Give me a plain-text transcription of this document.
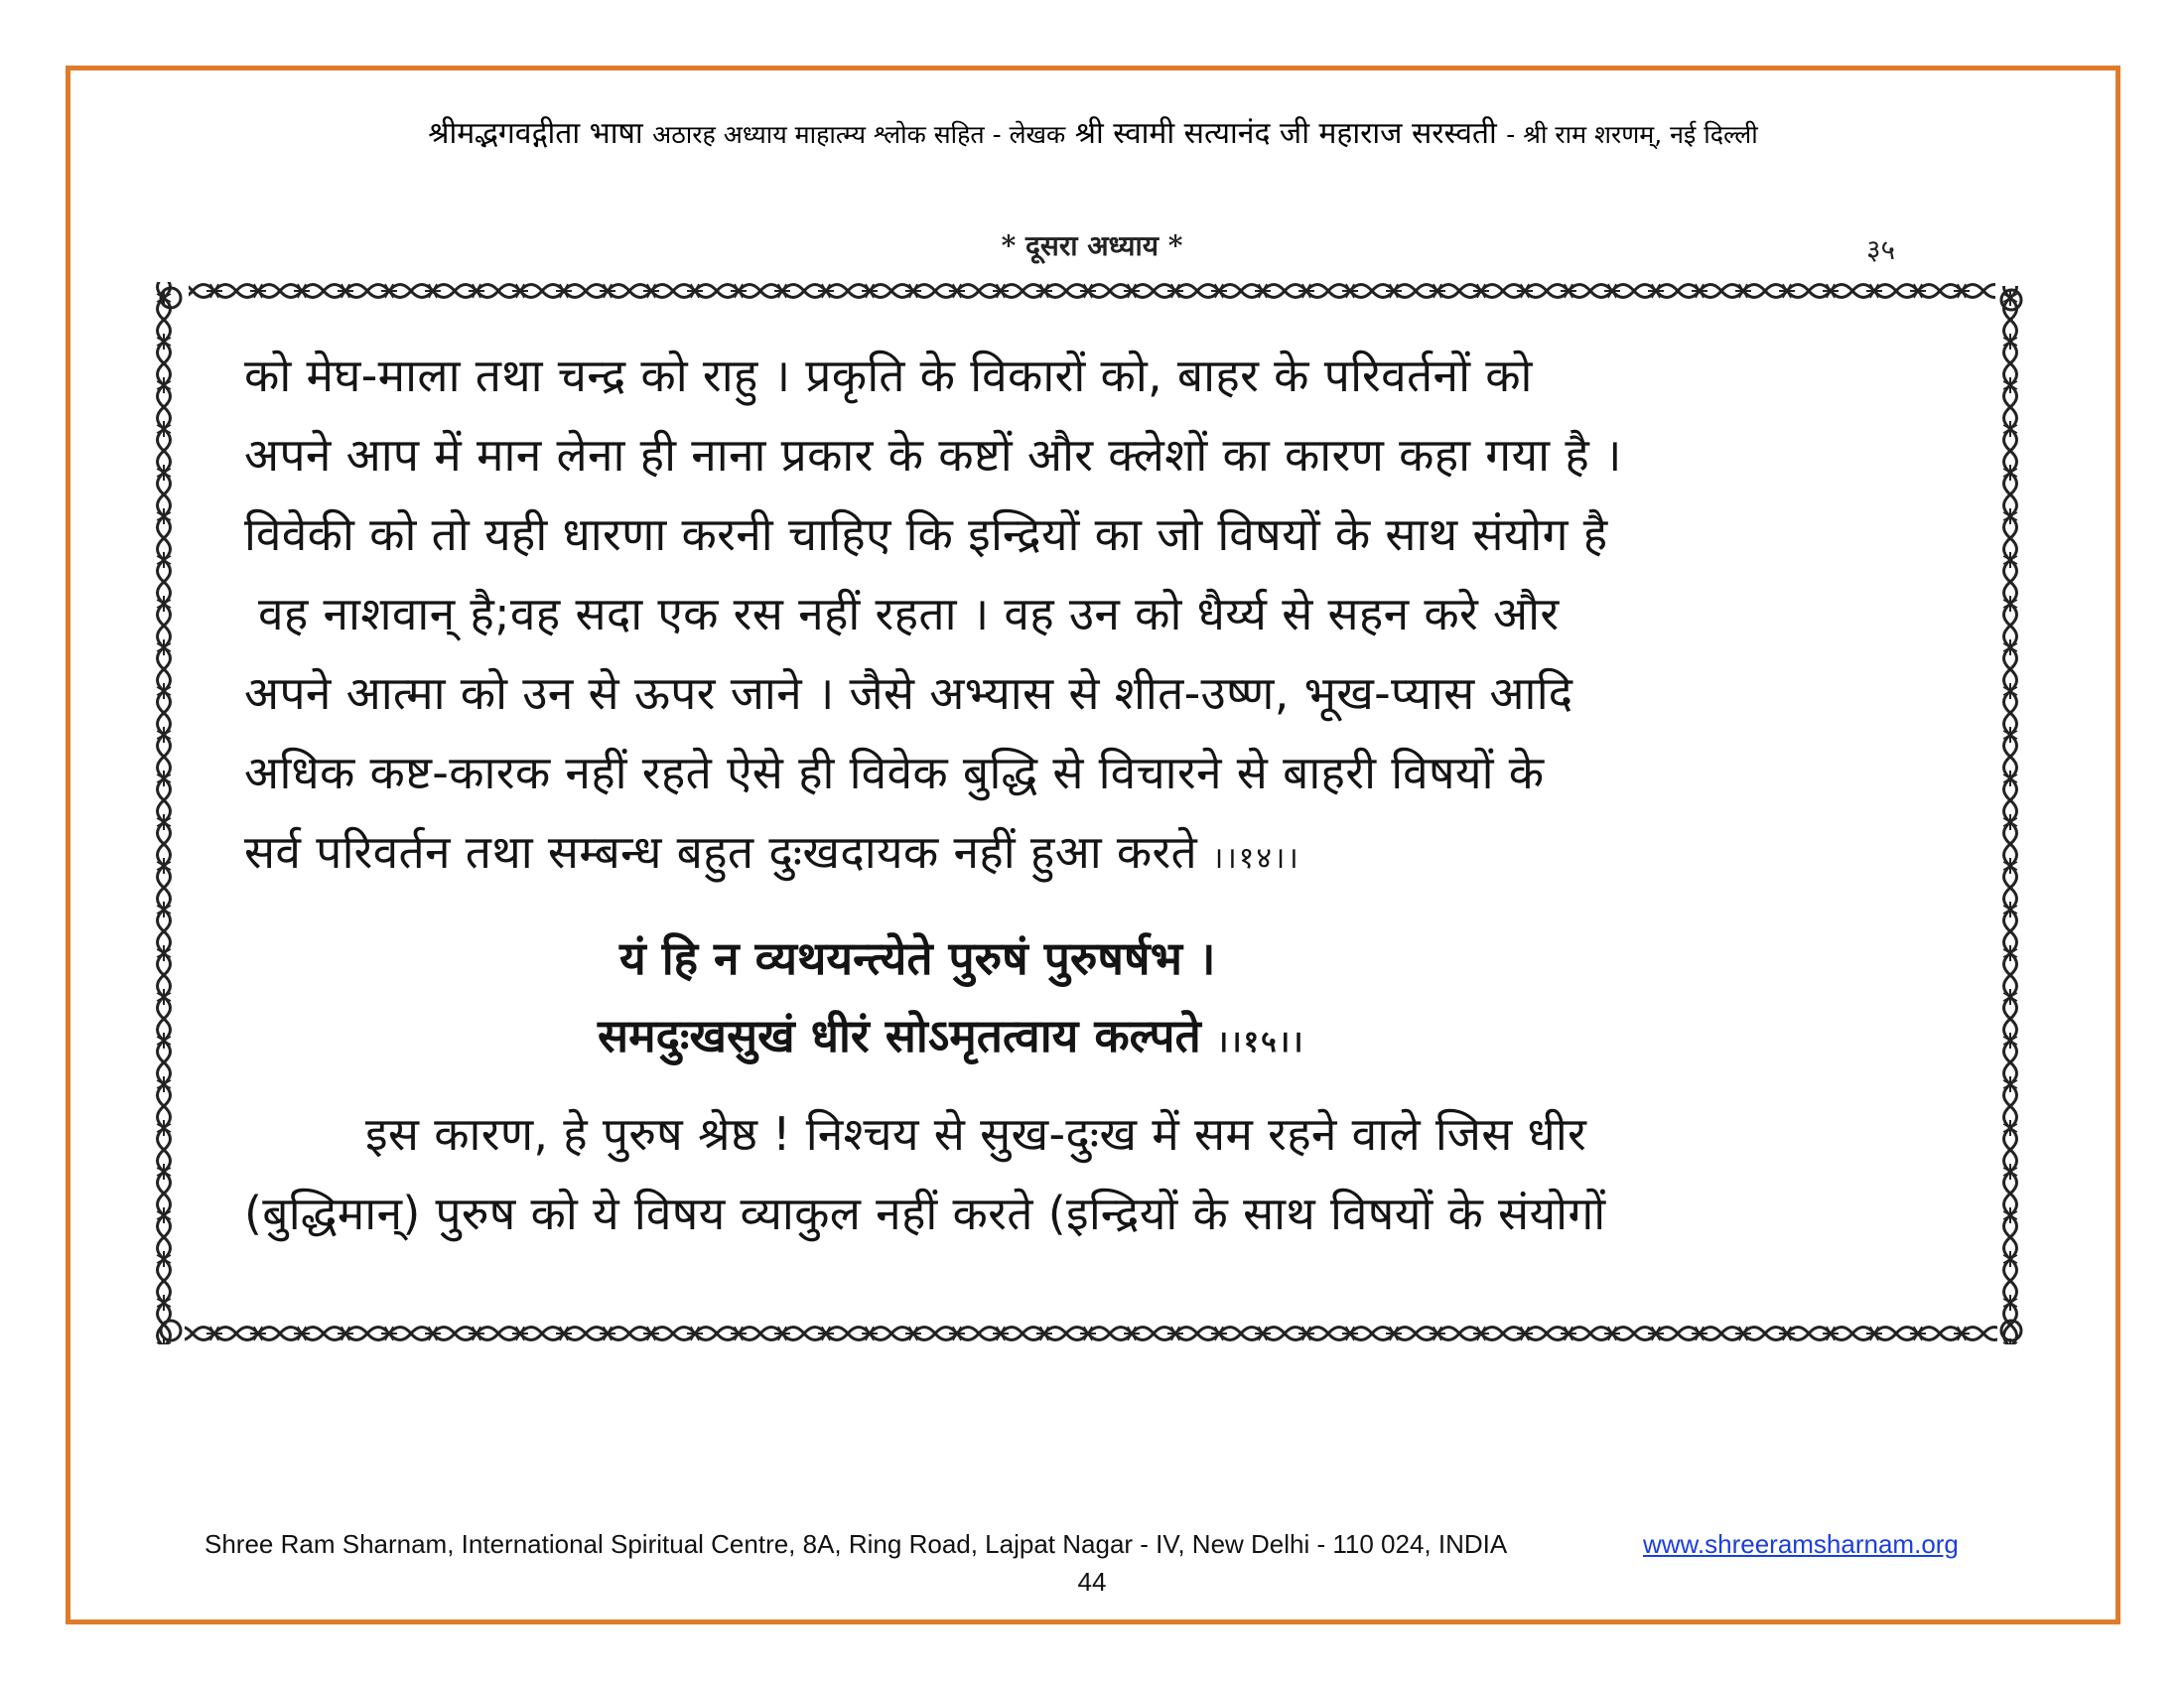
श्रीमद्भगवद्गीता भाषा अठारह अध्याय माहात्म्य श्लोक सहित - लेखक श्री स्वामी सत्यानंद जी महाराज सरस्वती - श्री राम शरणम्, नई दिल्ली
* दूसरा अध्याय *	३५
को मेघ-माला तथा चन्द्र को राहु । प्रकृति के विकारों को, बाहर के परिवर्तनों को
अपने आप में मान लेना ही नाना प्रकार के कष्टों और क्लेशों का कारण कहा गया है ।
विवेकी को तो यही धारणा करनी चाहिए कि इन्द्रियों का जो विषयों के साथ संयोग है
वह नाशवान् है;वह सदा एक रस नहीं रहता । वह उन को धैर्य्य से सहन करे और
अपने आत्मा को उन से ऊपर जाने । जैसे अभ्यास से शीत-उष्ण, भूख-प्यास आदि
अधिक कष्ट-कारक नहीं रहते ऐसे ही विवेक बुद्धि से विचारने से बाहरी विषयों के
सर्व परिवर्तन तथा सम्बन्ध बहुत दुःखदायक नहीं हुआ करते ।।१४।।
यं हि न व्यथयन्त्येते पुरुषं पुरुषर्षभ ।
समदुःखसुखं धीरं सोऽमृतत्वाय कल्पते ।।१५।।
इस कारण, हे पुरुष श्रेष्ठ ! निश्चय से सुख-दुःख में सम रहने वाले जिस धीर
(बुद्धिमान्) पुरुष को ये विषय व्याकुल नहीं करते (इन्द्रियों के साथ विषयों के संयोगों
Shree Ram Sharnam, International Spiritual Centre, 8A, Ring Road, Lajpat Nagar - IV, New Delhi - 110 024, INDIA	www.shreeramsharnam.org
44
